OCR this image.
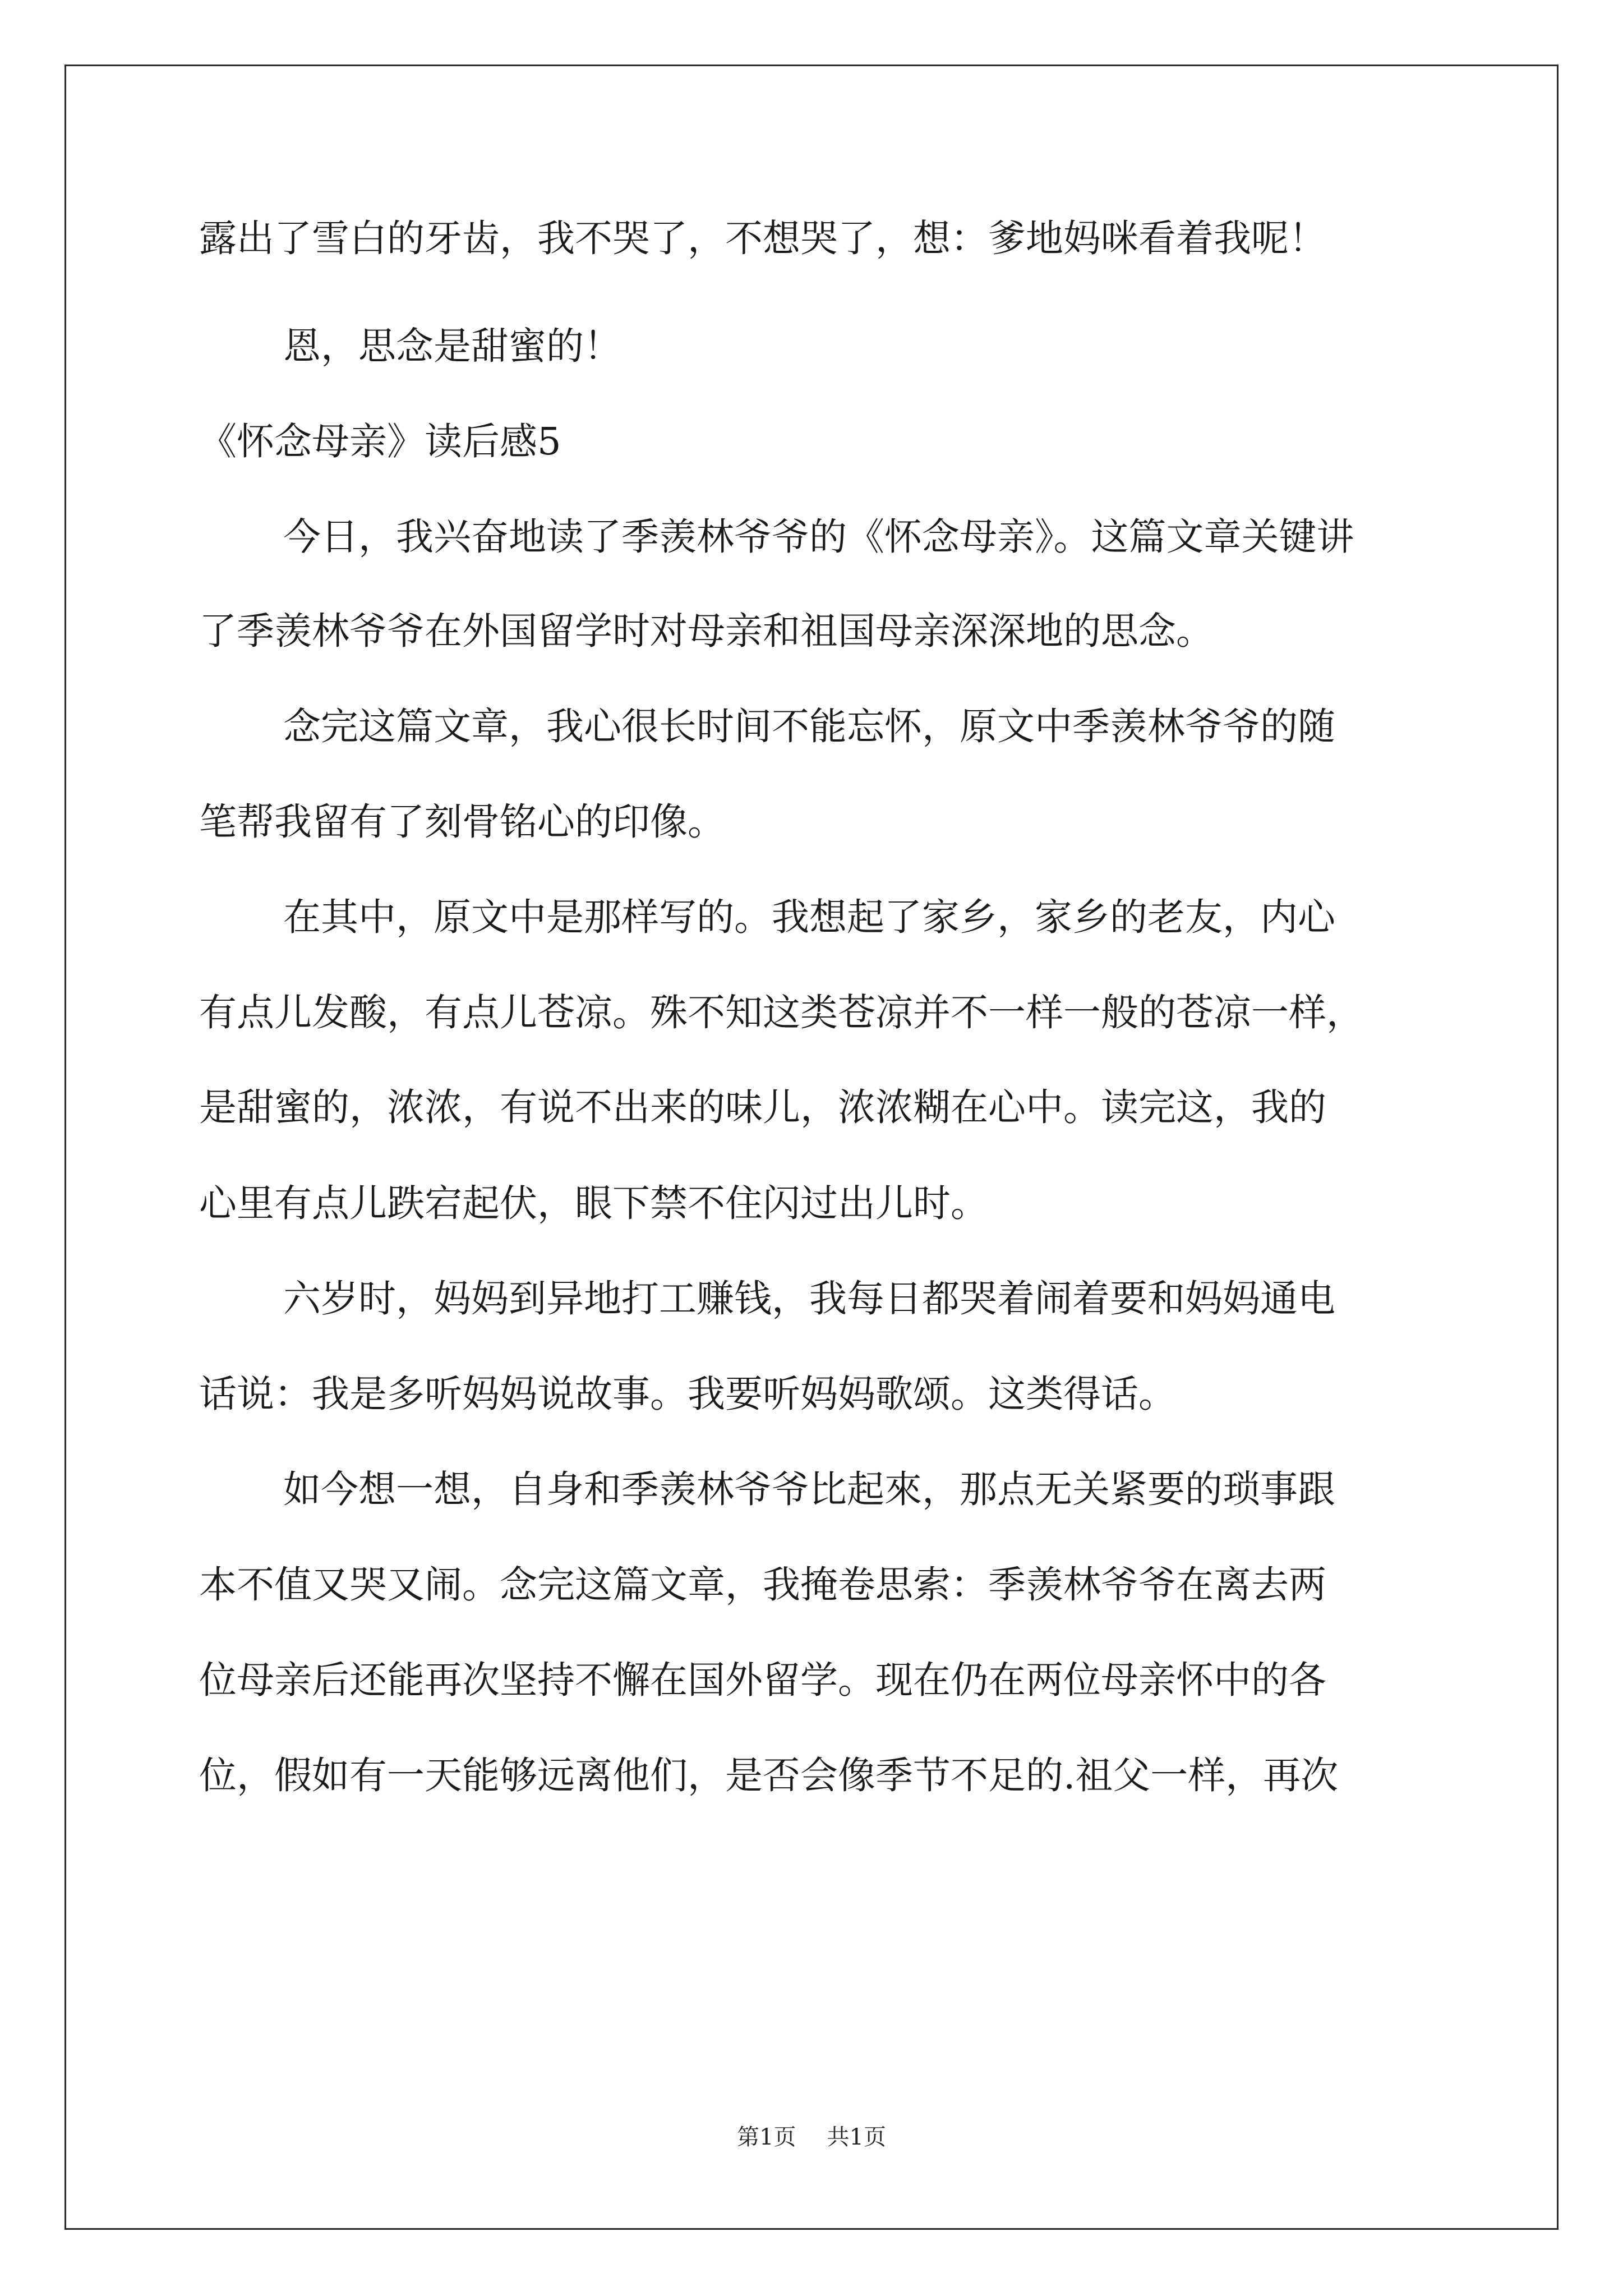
露出了雪白的牙齿，我不哭了，不想哭了，想：爹地妈咪看着我呢！
恩，思念是甜蜜的！
《怀念母亲》读后感5
今日，我兴奋地读了季羡林爷爷的《怀念母亲》。这篇文章关键讲
了季羡林爷爷在外国留学时对母亲和祖国母亲深深地的思念。
念完这篇文章，我心很长时间不能忘怀，原文中季羡林爷爷的随
笔帮我留有了刻骨铭心的印像。
在其中，原文中是那样写的。我想起了家乡，家乡的老友，内心
有点儿发酸，有点儿苍凉。殊不知这类苍凉并不一样一般的苍凉一样，
是甜蜜的，浓浓，有说不出来的味儿，浓浓糊在心中。读完这，我的
心里有点儿跌宕起伏，眼下禁不住闪过出儿时。
六岁时，妈妈到异地打工赚钱，我每日都哭着闹着要和妈妈通电
话说：我是多听妈妈说故事。我要听妈妈歌颂。这类得话。
如今想一想，自身和季羡林爷爷比起來，那点无关紧要的琐事跟
本不值又哭又闹。念完这篇文章，我掩卷思索：季羡林爷爷在离去两
位母亲后还能再次坚持不懈在国外留学。现在仍在两位母亲怀中的各
位，假如有一天能够远离他们，是否会像季节不足的.祖父一样，再次
第1页 共1页
